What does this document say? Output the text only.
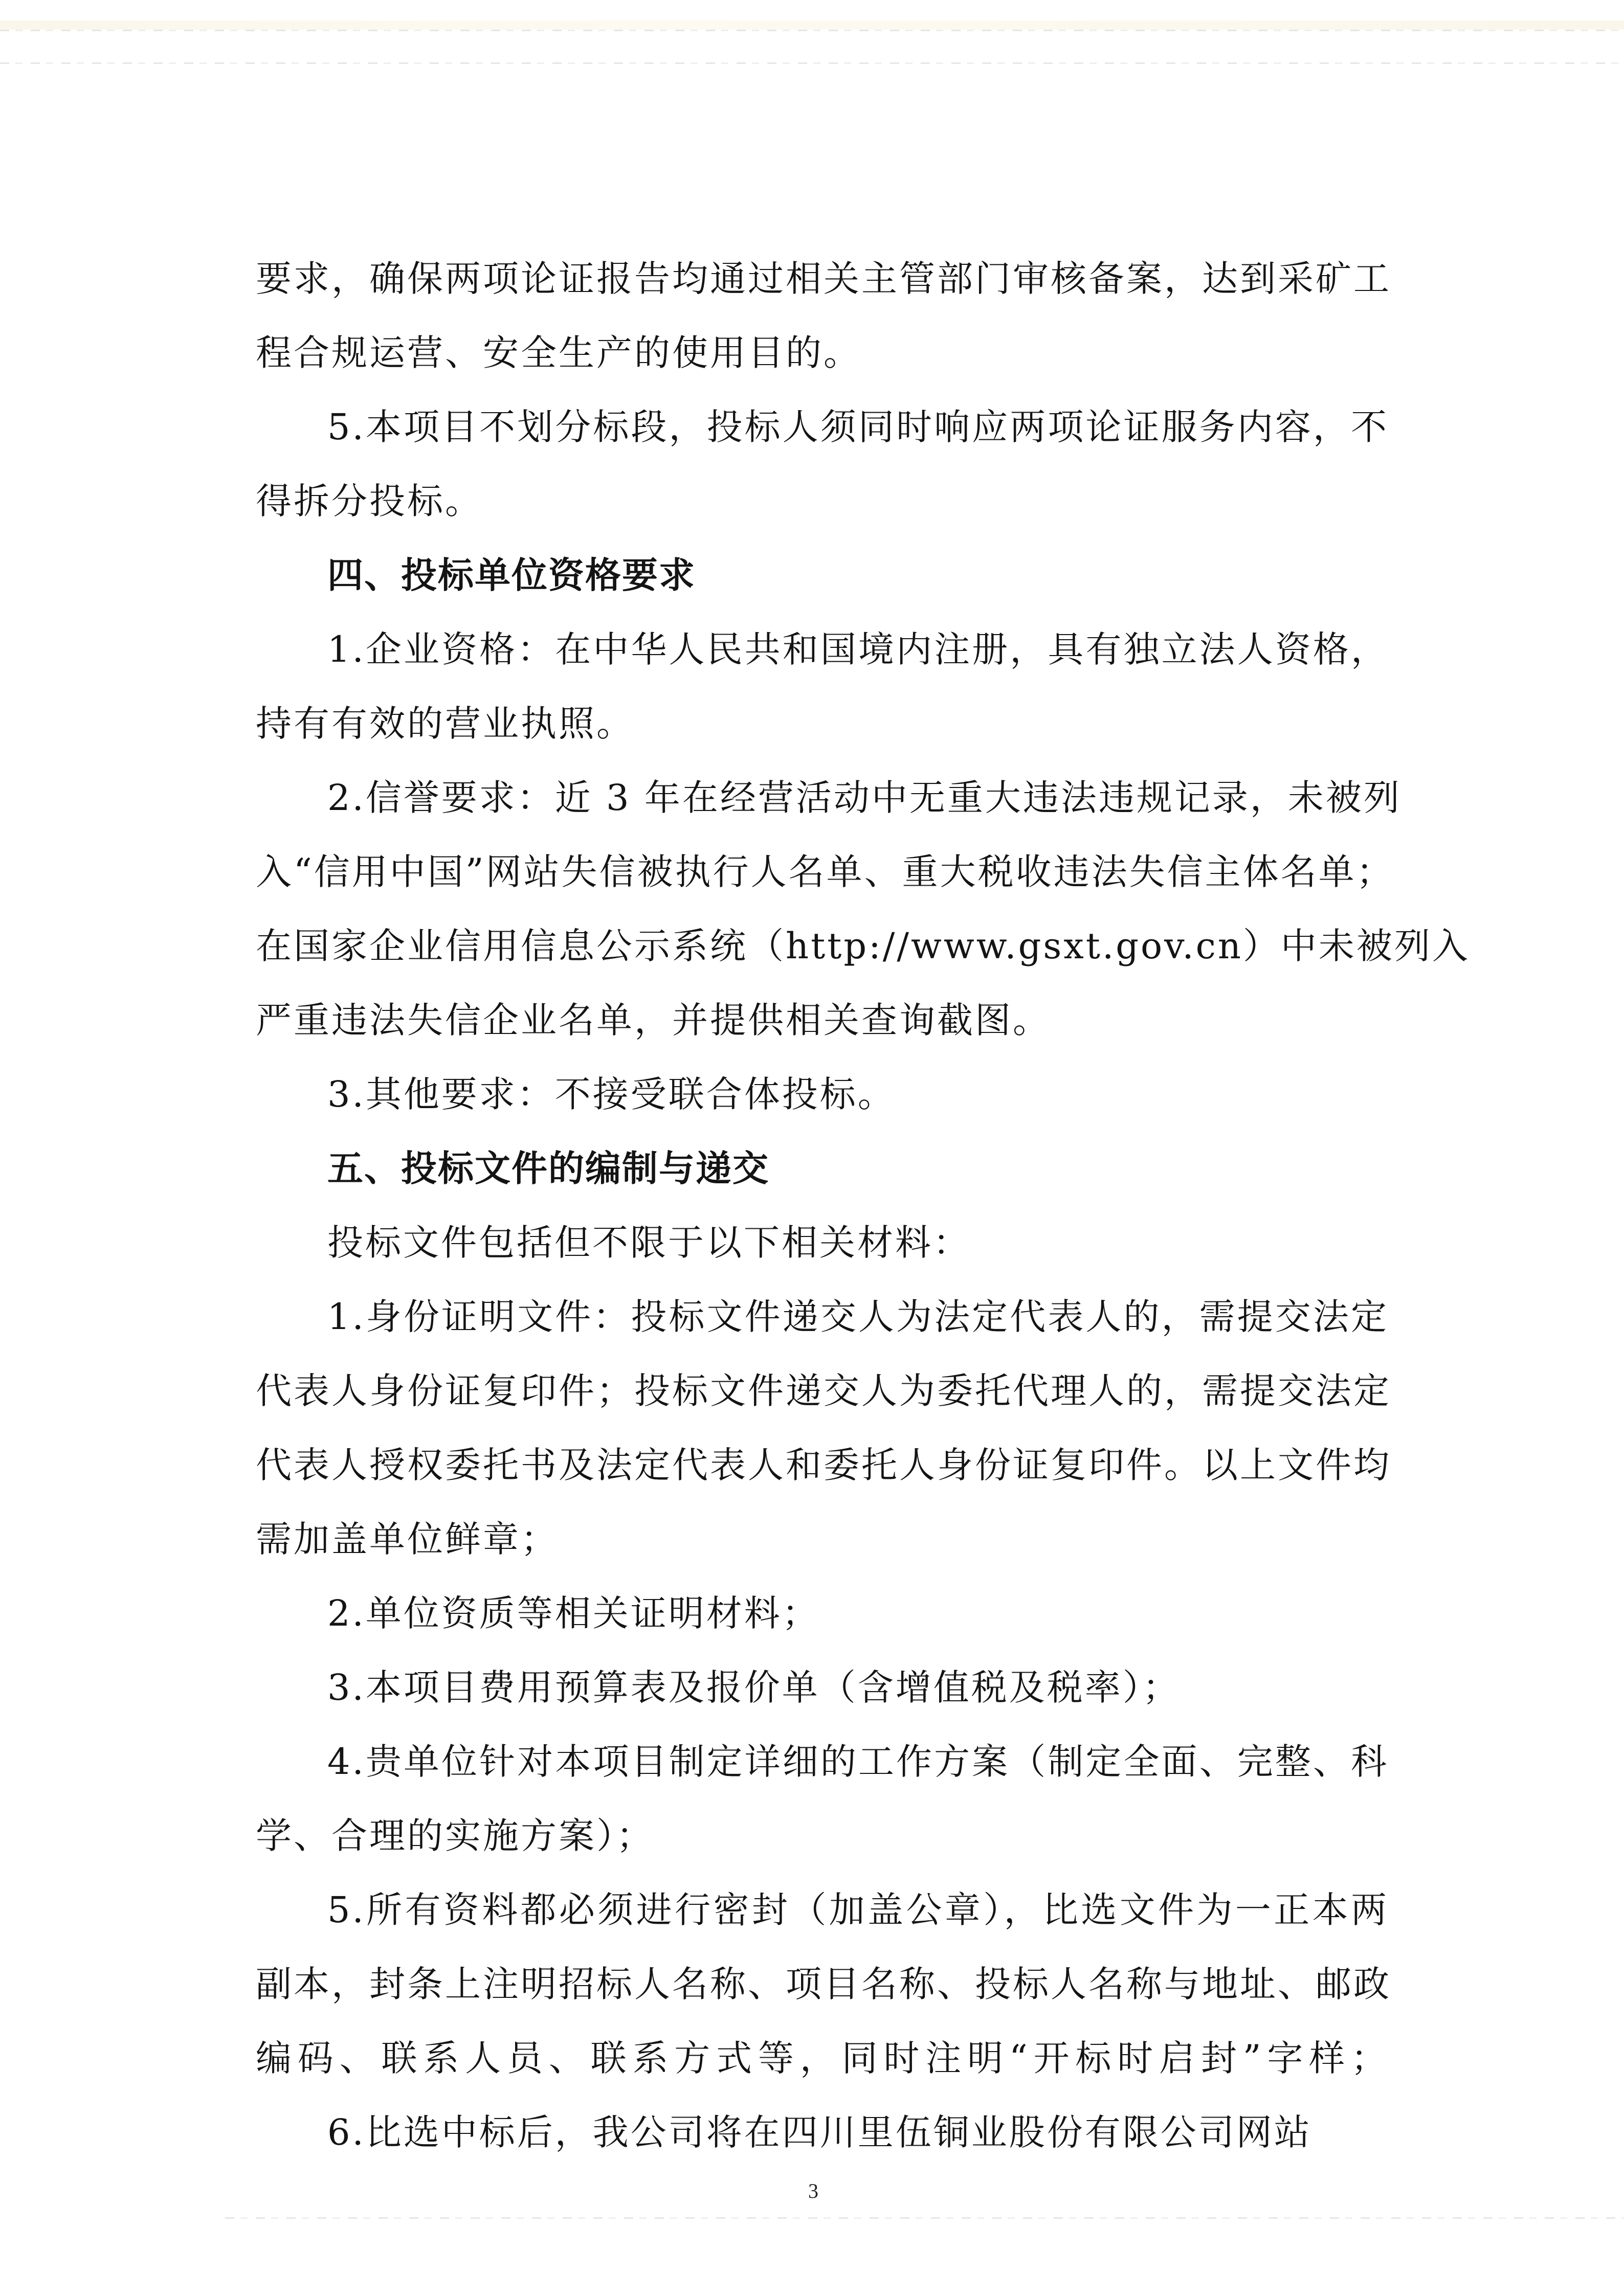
要求，确保两项论证报告均通过相关主管部门审核备案，达到采矿工
程合规运营、安全生产的使用目的。
5.本项目不划分标段，投标人须同时响应两项论证服务内容，不
得拆分投标。
四、投标单位资格要求
1.企业资格：在中华人民共和国境内注册，具有独立法人资格，
持有有效的营业执照。
2.信誉要求：近 3 年在经营活动中无重大违法违规记录，未被列
入“信用中国”网站失信被执行人名单、重大税收违法失信主体名单；
在国家企业信用信息公示系统（http://www.gsxt.gov.cn）中未被列入
严重违法失信企业名单，并提供相关查询截图。
3.其他要求：不接受联合体投标。
五、投标文件的编制与递交
投标文件包括但不限于以下相关材料：
1.身份证明文件：投标文件递交人为法定代表人的，需提交法定
代表人身份证复印件；投标文件递交人为委托代理人的，需提交法定
代表人授权委托书及法定代表人和委托人身份证复印件。以上文件均
需加盖单位鲜章；
2.单位资质等相关证明材料；
3.本项目费用预算表及报价单（含增值税及税率）；
4.贵单位针对本项目制定详细的工作方案（制定全面、完整、科
学、合理的实施方案）；
5.所有资料都必须进行密封（加盖公章），比选文件为一正本两
副本，封条上注明招标人名称、项目名称、投标人名称与地址、邮政
编码、联系人员、联系方式等，同时注明“开标时启封”字样；
6.比选中标后，我公司将在四川里伍铜业股份有限公司网站
3
